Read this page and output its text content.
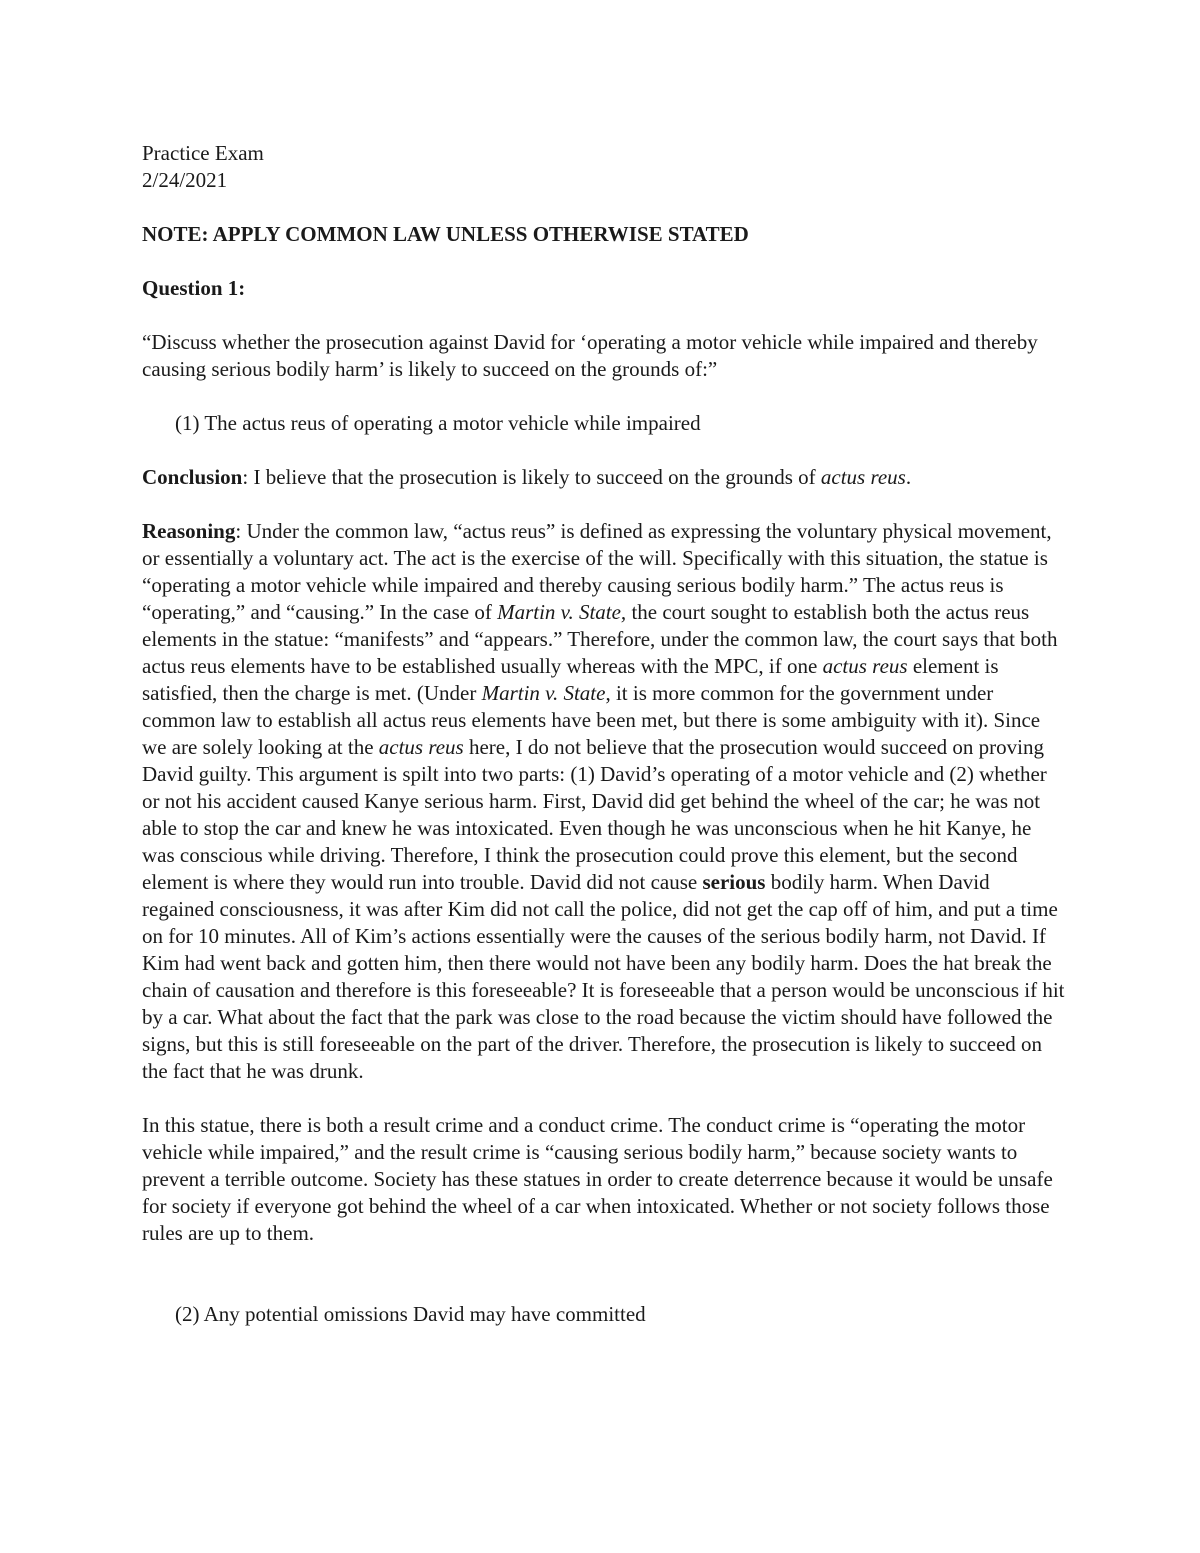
Practice Exam
2/24/2021

NOTE: APPLY COMMON LAW UNLESS OTHERWISE STATED

Question 1:

“Discuss whether the prosecution against David for ‘operating a motor vehicle while impaired and thereby causing serious bodily harm’ is likely to succeed on the grounds of:”

(1) The actus reus of operating a motor vehicle while impaired

Conclusion: I believe that the prosecution is likely to succeed on the grounds of actus reus.

Reasoning: Under the common law, “actus reus” is defined as expressing the voluntary physical movement, or essentially a voluntary act. The act is the exercise of the will. Specifically with this situation, the statue is “operating a motor vehicle while impaired and thereby causing serious bodily harm.” The actus reus is “operating,” and “causing.” In the case of Martin v. State, the court sought to establish both the actus reus elements in the statue: “manifests” and “appears.” Therefore, under the common law, the court says that both actus reus elements have to be established usually whereas with the MPC, if one actus reus element is satisfied, then the charge is met. (Under Martin v. State, it is more common for the government under common law to establish all actus reus elements have been met, but there is some ambiguity with it). Since we are solely looking at the actus reus here, I do not believe that the prosecution would succeed on proving David guilty. This argument is spilt into two parts: (1) David’s operating of a motor vehicle and (2) whether or not his accident caused Kanye serious harm. First, David did get behind the wheel of the car; he was not able to stop the car and knew he was intoxicated. Even though he was unconscious when he hit Kanye, he was conscious while driving. Therefore, I think the prosecution could prove this element, but the second element is where they would run into trouble. David did not cause serious bodily harm. When David regained consciousness, it was after Kim did not call the police, did not get the cap off of him, and put a time on for 10 minutes. All of Kim’s actions essentially were the causes of the serious bodily harm, not David. If Kim had went back and gotten him, then there would not have been any bodily harm. Does the hat break the chain of causation and therefore is this foreseeable? It is foreseeable that a person would be unconscious if hit by a car. What about the fact that the park was close to the road because the victim should have followed the signs, but this is still foreseeable on the part of the driver. Therefore, the prosecution is likely to succeed on the fact that he was drunk.

In this statue, there is both a result crime and a conduct crime. The conduct crime is “operating the motor vehicle while impaired,” and the result crime is “causing serious bodily harm,” because society wants to prevent a terrible outcome. Society has these statues in order to create deterrence because it would be unsafe for society if everyone got behind the wheel of a car when intoxicated. Whether or not society follows those rules are up to them.

(2) Any potential omissions David may have committed
